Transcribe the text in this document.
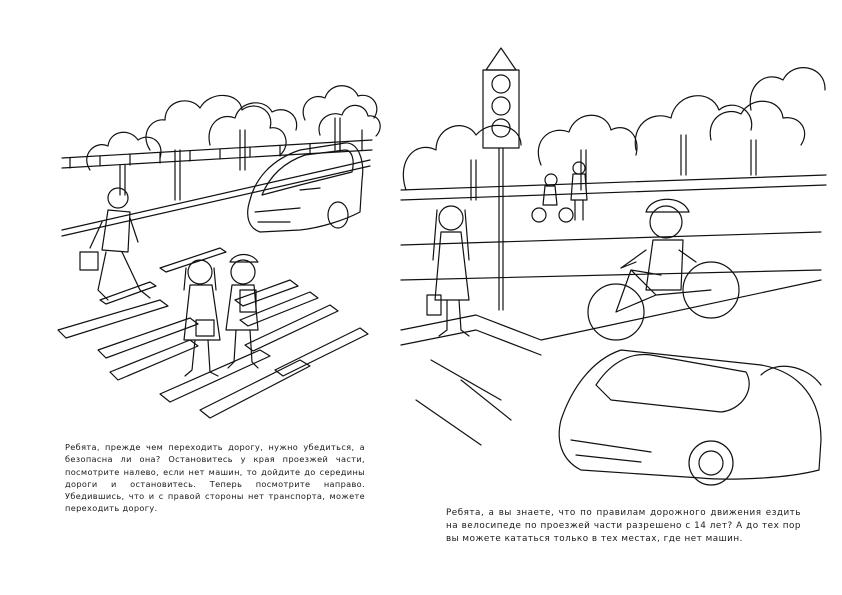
Ребята, прежде чем переходить дорогу, нужно убедиться, а безопасна ли она? Остановитесь у края проезжей части, посмотрите налево, если нет машин, то дойдите до середины дороги и остановитесь. Теперь посмотрите направо. Убедившись, что и с правой стороны нет транспорта, можете переходить дорогу.	Ребята, а вы знаете, что по правилам дорожного движения ездить на велосипеде по проезжей части разрешено с 14 лет? А до тех пор вы можете кататься только в тех местах, где нет машин.
